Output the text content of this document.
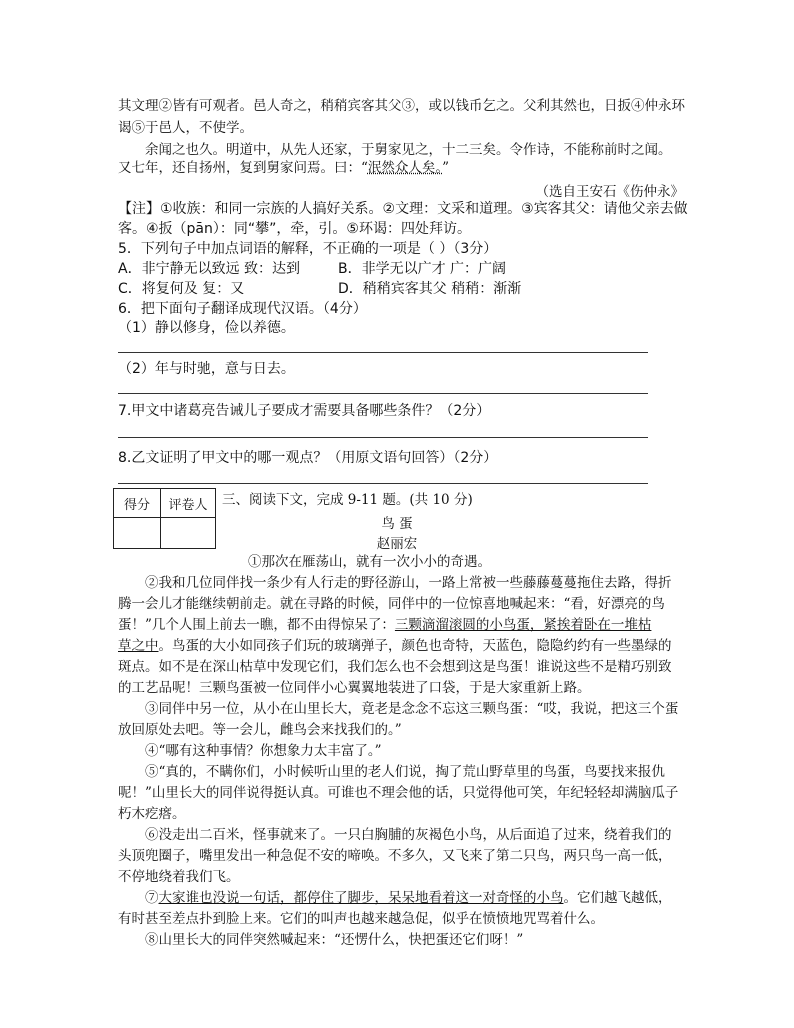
其文理②皆有可观者。邑人奇之，稍稍宾客其父③，或以钱币乞之。父利其然也，日扳④仲永环
谒⑤于邑人，不使学。
余闻之也久。明道中，从先人还家，于舅家见之，十二三矣。令作诗，不能称前时之闻。
又七年，还自扬州，复到舅家问焉。曰：“泯然众人矣。”
（选自王安石《伤仲永》
【注】①收族：和同一宗族的人搞好关系。②文理：文采和道理。③宾客其父：请他父亲去做
客。④扳（pān）：同“攀”，牵，引。⑤环谒：四处拜访。
5．下列句子中加点词语的解释，不正确的一项是（ ）（3分）
A．非宁静无以致远 致：达到	B．非学无以广才 广：广阔
C．将复何及 复：又	D．稍稍宾客其父 稍稍：渐渐
6．把下面句子翻译成现代汉语。（4分）
（1）静以修身，俭以养德。
（2）年与时驰，意与日去。
7.甲文中诸葛亮告诫儿子要成才需要具备哪些条件？（2分）
8.乙文证明了甲文中的哪一观点？（用原文语句回答）（2分）
得分	评卷人
	三、阅读下文，完成 9-11 题。(共 10 分)
鸟 蛋
赵丽宏
①那次在雁荡山，就有一次小小的奇遇。
②我和几位同伴找一条少有人行走的野径游山，一路上常被一些藤藤蔓蔓拖住去路，得折
腾一会儿才能继续朝前走。就在寻路的时候，同伴中的一位惊喜地喊起来：“看，好漂亮的鸟
蛋！”几个人围上前去一瞧，都不由得惊呆了：三颗滴溜滚圆的小鸟蛋，紧挨着卧在一堆枯
草之中。鸟蛋的大小如同孩子们玩的玻璃弹子，颜色也奇特，天蓝色，隐隐约约有一些墨绿的
斑点。如不是在深山枯草中发现它们，我们怎么也不会想到这是鸟蛋！谁说这些不是精巧别致
的工艺品呢！三颗鸟蛋被一位同伴小心翼翼地装进了口袋，于是大家重新上路。
③同伴中另一位，从小在山里长大，竟老是念念不忘这三颗鸟蛋：“哎，我说，把这三个蛋
放回原处去吧。等一会儿，雌鸟会来找我们的。”
④“哪有这种事情？你想象力太丰富了。”
⑤“真的，不瞒你们，小时候听山里的老人们说，掏了荒山野草里的鸟蛋，鸟要找来报仇
呢！”山里长大的同伴说得挺认真。可谁也不理会他的话，只觉得他可笑，年纪轻轻却满脑瓜子
朽木疙瘩。
⑥没走出二百米，怪事就来了。一只白胸脯的灰褐色小鸟，从后面追了过来，绕着我们的
头顶兜圈子，嘴里发出一种急促不安的啼唤。不多久，又飞来了第二只鸟，两只鸟一高一低，
不停地绕着我们飞。
⑦大家谁也没说一句话，都停住了脚步，呆呆地看着这一对奇怪的小鸟。它们越飞越低，
有时甚至差点扑到脸上来。它们的叫声也越来越急促，似乎在愤愤地咒骂着什么。
⑧山里长大的同伴突然喊起来：“还愣什么，快把蛋还它们呀！”
